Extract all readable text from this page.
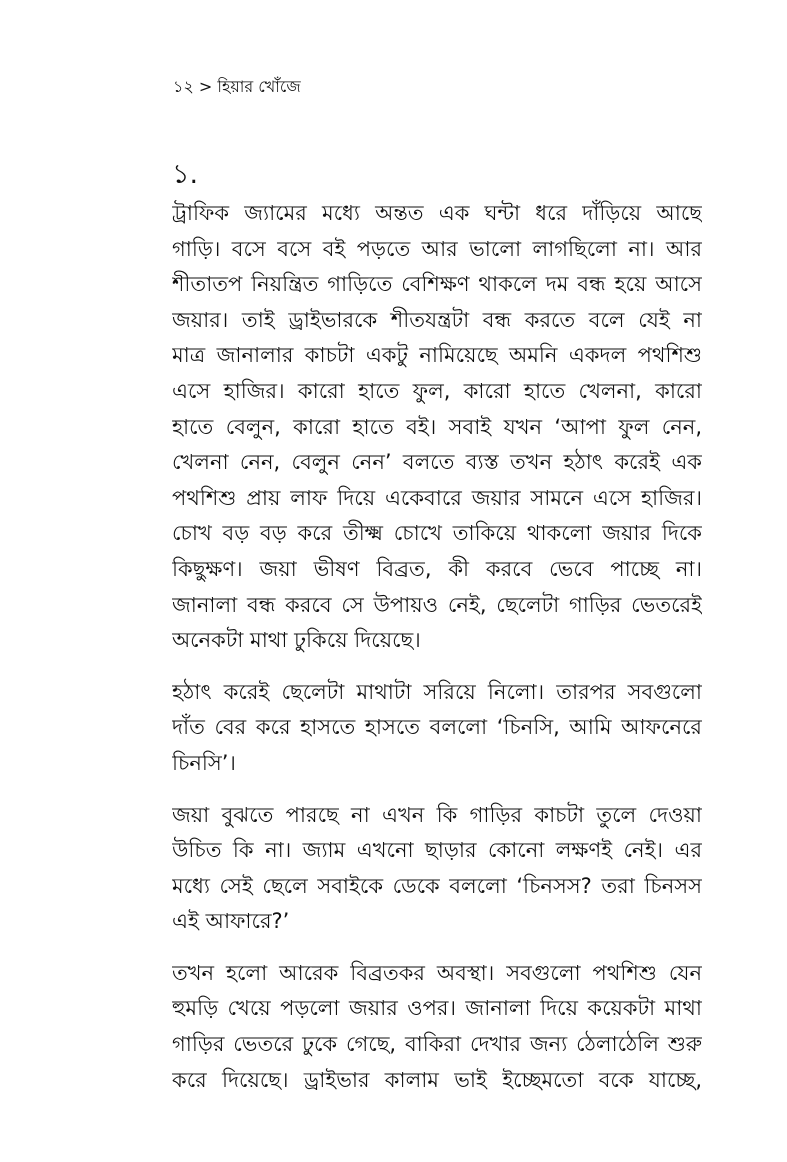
১২ > হিয়ার খোঁজে
১.

ট্রাফিক জ্যামের মধ্যে অন্তত এক ঘন্টা ধরে দাঁড়িয়ে আছে
গাড়ি। বসে বসে বই পড়তে আর ভালো লাগছিলো না। আর
শীতাতপ নিয়ন্ত্রিত গাড়িতে বেশিক্ষণ থাকলে দম বন্ধ হয়ে আসে
জয়ার। তাই ড্রাইভারকে শীতযন্ত্রটা বন্ধ করতে বলে যেই না
মাত্র জানালার কাচটা একটু নামিয়েছে অমনি একদল পথশিশু
এসে হাজির। কারো হাতে ফুল, কারো হাতে খেলনা, কারো
হাতে বেলুন, কারো হাতে বই। সবাই যখন ‘আপা ফুল নেন,
খেলনা নেন, বেলুন নেন’ বলতে ব্যস্ত তখন হঠাৎ করেই এক
পথশিশু প্রায় লাফ দিয়ে একেবারে জয়ার সামনে এসে হাজির।
চোখ বড় বড় করে তীক্ষ্ম চোখে তাকিয়ে থাকলো জয়ার দিকে
কিছুক্ষণ। জয়া ভীষণ বিব্রত, কী করবে ভেবে পাচ্ছে না।
জানালা বন্ধ করবে সে উপায়ও নেই, ছেলেটা গাড়ির ভেতরেই
অনেকটা মাথা ঢুকিয়ে দিয়েছে।

হঠাৎ করেই ছেলেটা মাথাটা সরিয়ে নিলো। তারপর সবগুলো
দাঁত বের করে হাসতে হাসতে বললো ‘চিনসি, আমি আফনেরে
চিনসি’।

জয়া বুঝতে পারছে না এখন কি গাড়ির কাচটা তুলে দেওয়া
উচিত কি না। জ্যাম এখনো ছাড়ার কোনো লক্ষণই নেই। এর
মধ্যে সেই ছেলে সবাইকে ডেকে বললো ‘চিনসস? তরা চিনসস
এই আফারে?’

তখন হলো আরেক বিব্রতকর অবস্থা। সবগুলো পথশিশু যেন
হুমড়ি খেয়ে পড়লো জয়ার ওপর। জানালা দিয়ে কয়েকটা মাথা
গাড়ির ভেতরে ঢুকে গেছে, বাকিরা দেখার জন্য ঠেলাঠেলি শুরু
করে দিয়েছে। ড্রাইভার কালাম ভাই ইচ্ছেমতো বকে যাচ্ছে,
